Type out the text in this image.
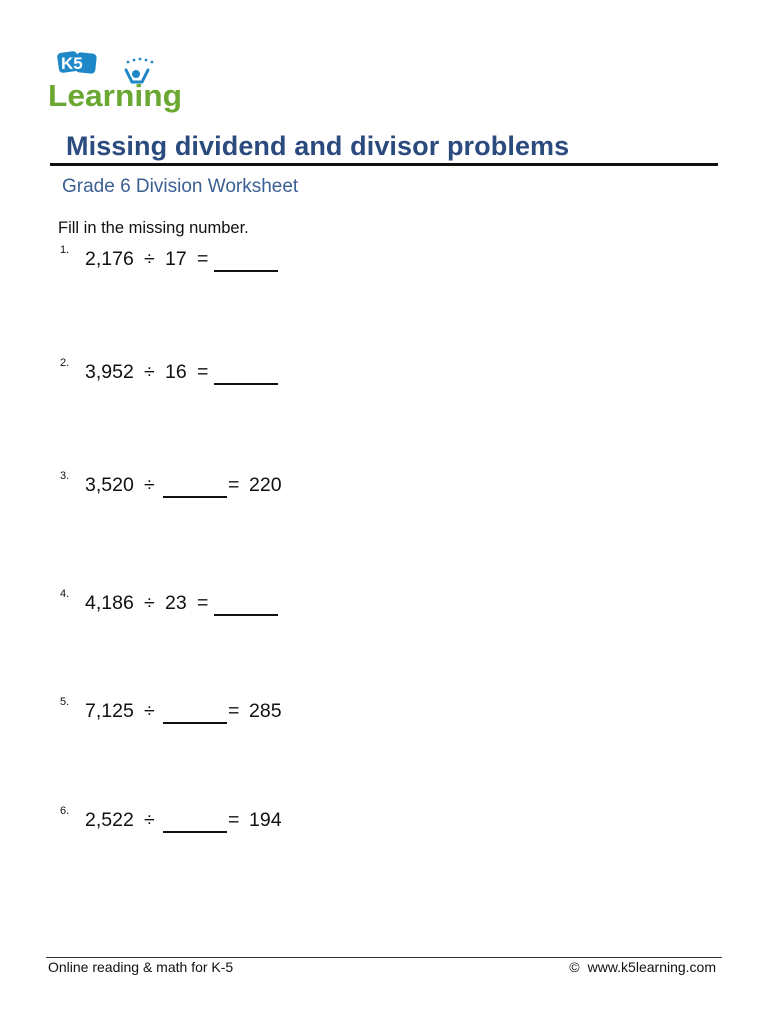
K5
Learning
Missing dividend and divisor problems
Grade 6 Division Worksheet
Fill in the missing number.
1. 2,176 ÷ 17 =
2. 3,952 ÷ 16 =
3. 3,520 ÷	= 220
4. 4,186 ÷ 23 =
5. 7,125 ÷	= 285
6. 2,522 ÷	= 194
Online reading & math for K-5	© www.k5learning.com
